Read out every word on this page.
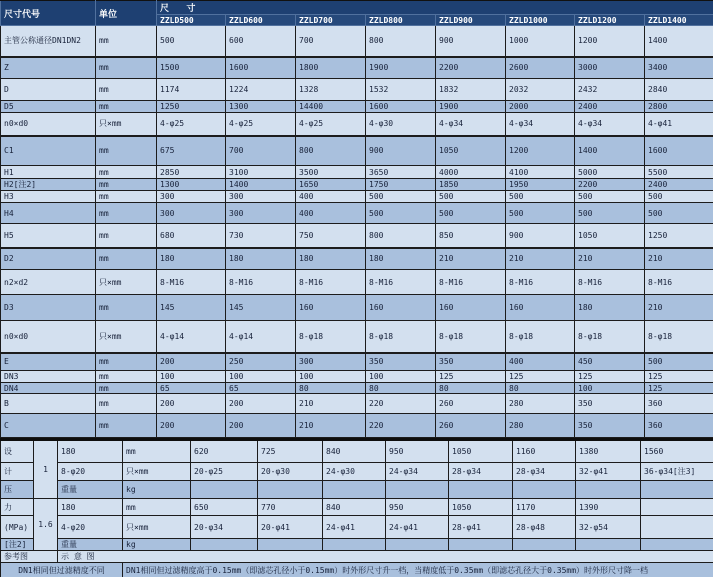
尺寸代号	单位	尺 寸							
		ZZLD500	ZZLD600	ZZLD700	ZZLD800	ZZLD900	ZZLD1000	ZZLD1200	ZZLD1400
主管公称通径DN1DN2	mm	500	600	700	800	900	1000	1200	1400
Z	mm	1500	1600	1800	1900	2200	2600	3000	3400
D	mm	1174	1224	1328	1532	1832	2032	2432	2840
D5	mm	1250	1300	14400	1600	1900	2000	2400	2800
n0×d0	只×mm	4-φ25	4-φ25	4-φ25	4-φ30	4-φ34	4-φ34	4-φ34	4-φ41
C1	mm	675	700	800	900	1050	1200	1400	1600
H1	mm	2850	3100	3500	3650	4000	4100	5000	5500
H2[注2]	mm	1300	1400	1650	1750	1850	1950	2200	2400
H3	mm	300	300	400	500	500	500	500	500
H4	mm	300	300	400	500	500	500	500	500
H5	mm	680	730	750	800	850	900	1050	1250
D2	mm	180	180	180	180	210	210	210	210
n2×d2	只×mm	8-M16	8-M16	8-M16	8-M16	8-M16	8-M16	8-M16	8-M16
D3	mm	145	145	160	160	160	160	180	210
n0×d0	只×mm	4-φ14	4-φ14	8-φ18	8-φ18	8-φ18	8-φ18	8-φ18	8-φ18
E	mm	200	250	300	350	350	400	450	500
DN3	mm	100	100	100	100	125	125	125	125
DN4	mm	65	65	80	80	80	80	100	125
B	mm	200	200	210	220	260	280	350	360
C	mm	200	200	210	220	260	280	350	360
设	1	180	mm	620	725	840	950	1050	1160	1380	1560
计		8-φ20	只×mm	20-φ25	20-φ30	24-φ30	24-φ34	28-φ34	28-φ34	32-φ41	36-φ34[注3]
压		重量	kg								
力	1.6	180	mm	650	770	840	950	1050	1170	1390	
(MPa)		4-φ20	只×mm	20-φ34	20-φ41	24-φ41	24-φ41	28-φ41	28-φ48	32-φ54	
[注2]		重量	kg								
参考图		示 意 图									
DN1相同但过滤精度不同			DN1相同但过滤精度高于0.15mm（即滤芯孔径小于0.15mm）时外形尺寸升一档，当精度低于0.35mm（即滤芯孔径大于0.35mm）时外形尺寸降一档								
